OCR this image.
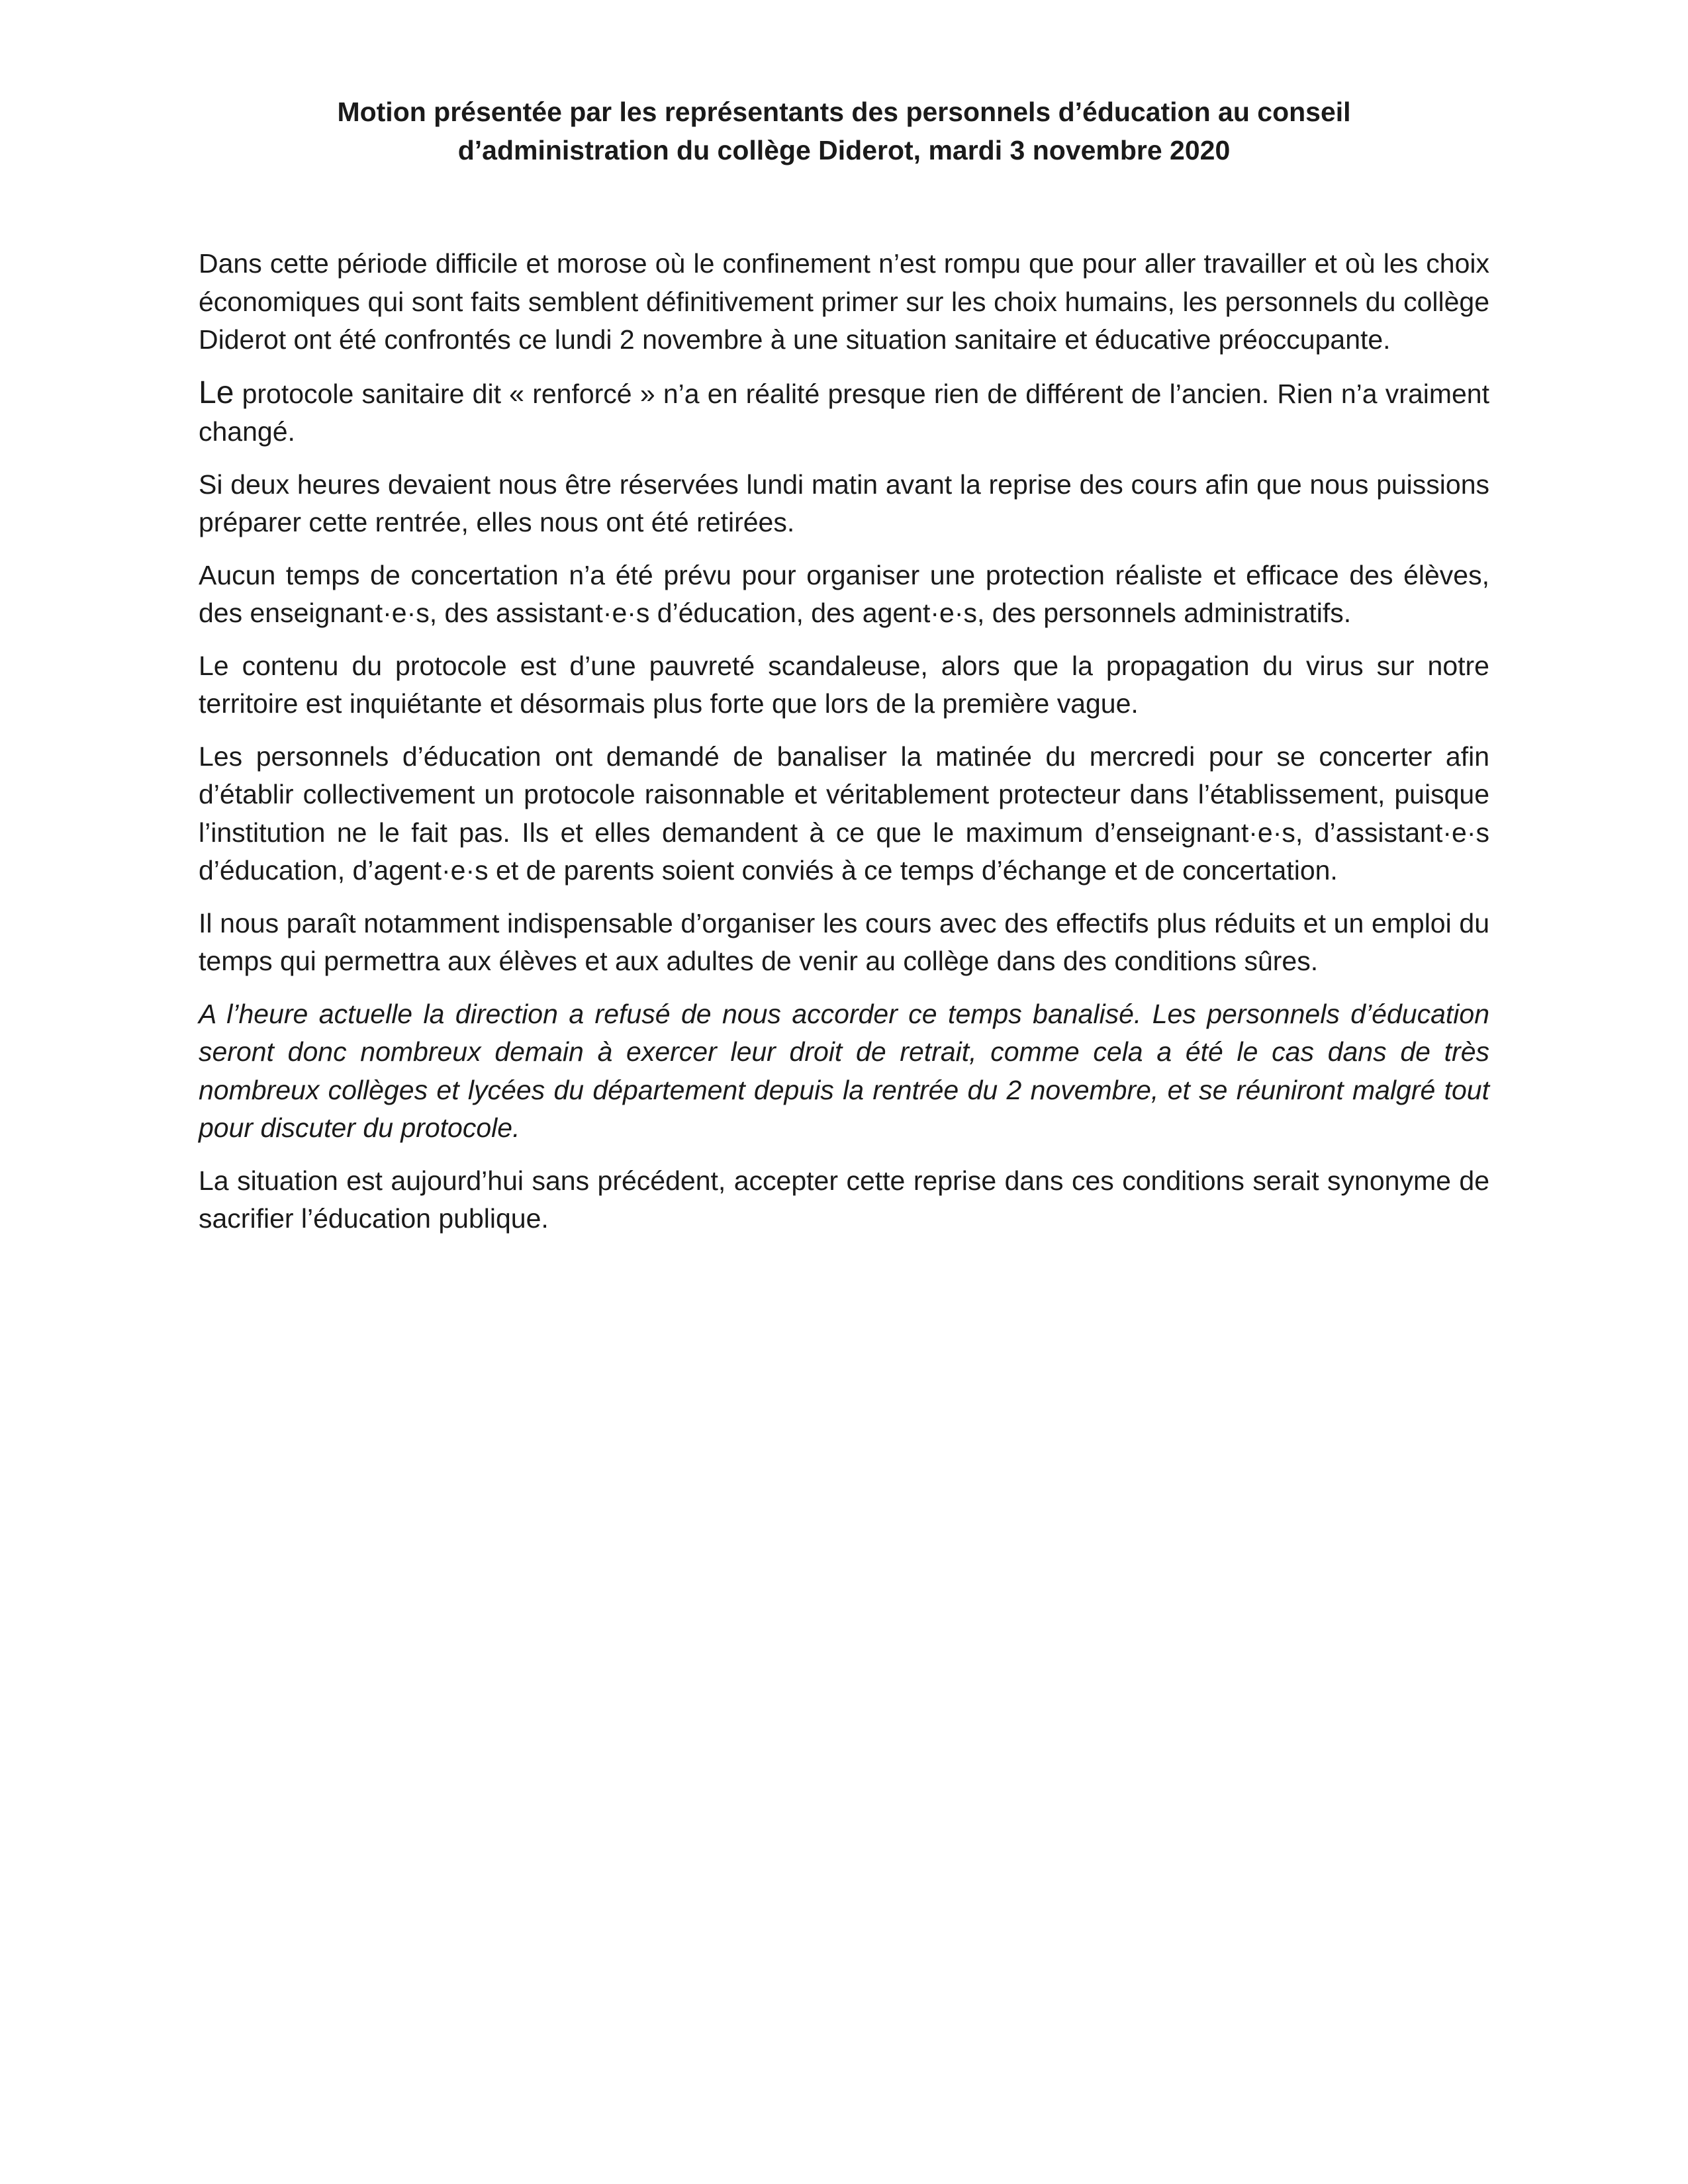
Motion présentée par les représentants des personnels d’éducation au conseil
d’administration du collège Diderot, mardi 3 novembre 2020

Dans cette période difficile et morose où le confinement n’est rompu que pour aller travailler et où les choix économiques qui sont faits semblent définitivement primer sur les choix humains, les personnels du collège Diderot ont été confrontés ce lundi 2 novembre à une situation sanitaire et éducative préoccupante.

Le protocole sanitaire dit « renforcé » n’a en réalité presque rien de différent de l’ancien. Rien n’a vraiment changé.

Si deux heures devaient nous être réservées lundi matin avant la reprise des cours afin que nous puissions préparer cette rentrée, elles nous ont été retirées.

Aucun temps de concertation n’a été prévu pour organiser une protection réaliste et efficace des élèves, des enseignant·e·s, des assistant·e·s d’éducation, des agent·e·s, des personnels administratifs.

Le contenu du protocole est d’une pauvreté scandaleuse, alors que la propagation du virus sur notre territoire est inquiétante et désormais plus forte que lors de la première vague.

Les personnels d’éducation ont demandé de banaliser la matinée du mercredi pour se concerter afin d’établir collectivement un protocole raisonnable et véritablement protecteur dans l’établissement, puisque l’institution ne le fait pas. Ils et elles demandent à ce que le maximum d’enseignant·e·s, d’assistant·e·s d’éducation, d’agent·e·s et de parents soient conviés à ce temps d’échange et de concertation.

Il nous paraît notamment indispensable d’organiser les cours avec des effectifs plus réduits et un emploi du temps qui permettra aux élèves et aux adultes de venir au collège dans des conditions sûres.

A l’heure actuelle la direction a refusé de nous accorder ce temps banalisé. Les personnels d’éducation seront donc nombreux demain à exercer leur droit de retrait, comme cela a été le cas dans de très nombreux collèges et lycées du département depuis la rentrée du 2 novembre, et se réuniront malgré tout pour discuter du protocole.

La situation est aujourd’hui sans précédent, accepter cette reprise dans ces conditions serait synonyme de sacrifier l’éducation publique.
